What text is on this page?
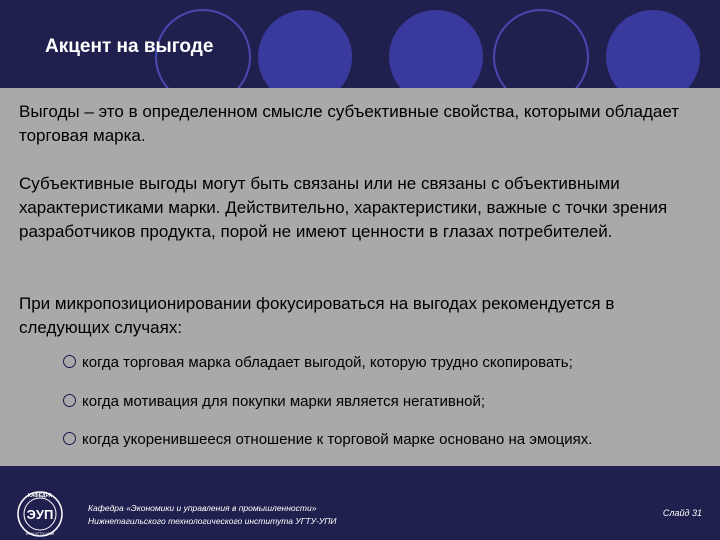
Акцент на выгоде

Выгоды – это в определенном смысле субъективные свойства, которыми обладает торговая марка.

Субъективные выгоды могут быть связаны или не связаны с объективными характеристиками марки. Действительно, характеристики, важные с точки зрения разработчиков продукта, порой не имеют ценности в глазах потребителей.

При микропозиционировании фокусироваться на выгодах рекомендуется в следующих случаях:

когда торговая марка обладает выгодой, которую трудно скопировать;

когда мотивация для покупки марки является негативной;

когда укоренившееся отношение к торговой марке основано на эмоциях.

ЭУП
КАФЕДРА
НТИ УГТУ-УПИ

Кафедра «Экономики и управления в промышленности»
Нижнетагильского технологического института УГТУ-УПИ

Слайд 31
